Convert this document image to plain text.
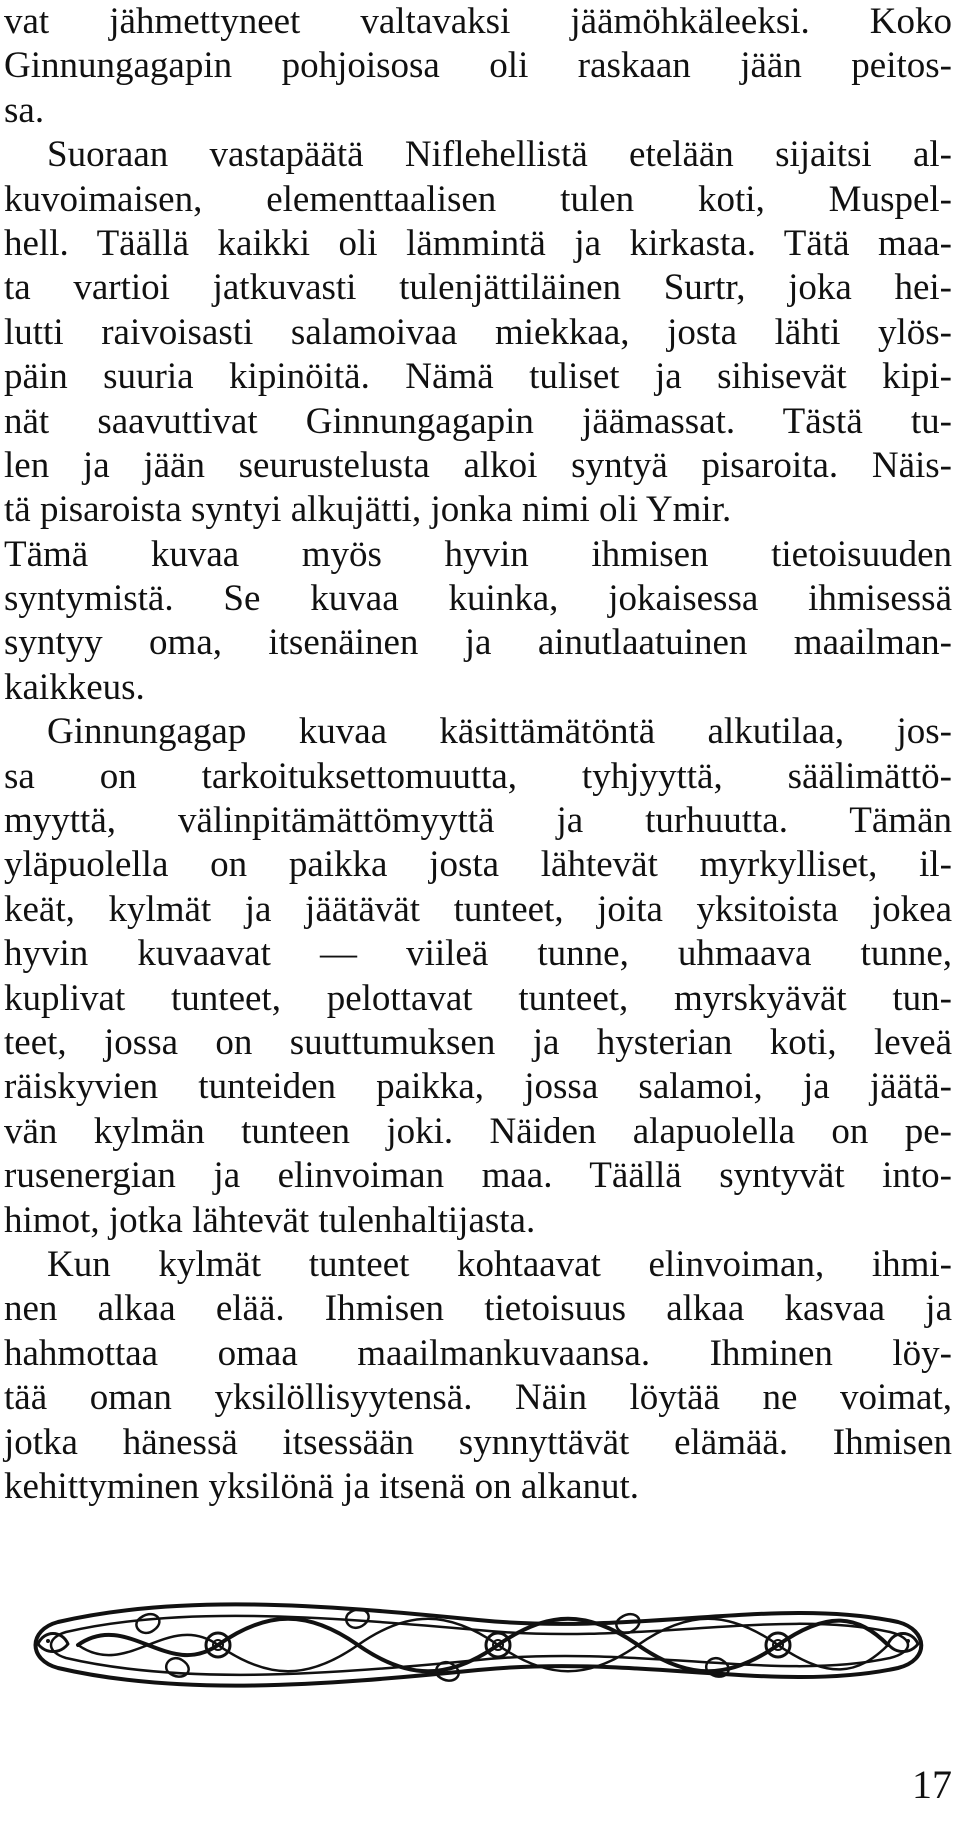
vat jähmettyneet valtavaksi jäämöhkäleeksi. Koko
Ginnungagapin pohjoisosa oli raskaan jään peitos-
sa.
Suoraan vastapäätä Niflehellistä etelään sijaitsi al-
kuvoimaisen, elementtaalisen tulen koti, Muspel-
hell. Täällä kaikki oli lämmintä ja kirkasta. Tätä maa-
ta vartioi jatkuvasti tulenjättiläinen Surtr, joka hei-
lutti raivoisasti salamoivaa miekkaa, josta lähti ylös-
päin suuria kipinöitä. Nämä tuliset ja sihisevät kipi-
nät saavuttivat Ginnungagapin jäämassat. Tästä tu-
len ja jään seurustelusta alkoi syntyä pisaroita. Näis-
tä pisaroista syntyi alkujätti, jonka nimi oli Ymir.
Tämä kuvaa myös hyvin ihmisen tietoisuuden
syntymistä. Se kuvaa kuinka, jokaisessa ihmisessä
syntyy oma, itsenäinen ja ainutlaatuinen maailman-
kaikkeus.
Ginnungagap kuvaa käsittämätöntä alkutilaa, jos-
sa on tarkoituksettomuutta, tyhjyyttä, säälimättö-
myyttä, välinpitämättömyyttä ja turhuutta. Tämän
yläpuolella on paikka josta lähtevät myrkylliset, il-
keät, kylmät ja jäätävät tunteet, joita yksitoista jokea
hyvin kuvaavat — viileä tunne, uhmaava tunne,
kuplivat tunteet, pelottavat tunteet, myrskyävät tun-
teet, jossa on suuttumuksen ja hysterian koti, leveä
räiskyvien tunteiden paikka, jossa salamoi, ja jäätä-
vän kylmän tunteen joki. Näiden alapuolella on pe-
rusenergian ja elinvoiman maa. Täällä syntyvät into-
himot, jotka lähtevät tulenhaltijasta.
Kun kylmät tunteet kohtaavat elinvoiman, ihmi-
nen alkaa elää. Ihmisen tietoisuus alkaa kasvaa ja
hahmottaa omaa maailmankuvaansa. Ihminen löy-
tää oman yksilöllisyytensä. Näin löytää ne voimat,
jotka hänessä itsessään synnyttävät elämää. Ihmisen
kehittyminen yksilönä ja itsenä on alkanut.
17
